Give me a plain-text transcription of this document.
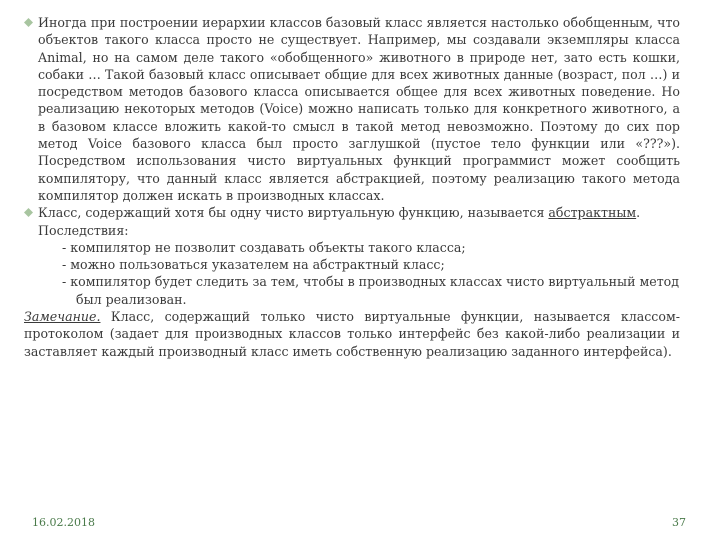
Иногда при построении иерархии классов базовый класс является настолько обобщенным, что объектов такого класса просто не существует. Например, мы создавали экземпляры класса Animal, но на самом деле такого «обобщенного» животного в природе нет, зато есть кошки, собаки … Такой базовый класс описывает общие для всех животных данные (возраст, пол …) и посредством методов базового класса описывается общее для всех животных поведение. Но реализацию некоторых методов (Voice) можно написать только для конкретного животного, а в базовом классе вложить какой-то смысл в такой метод невозможно. Поэтому до сих пор метод Voice базового класса был просто заглушкой (пустое тело функции или «???»). Посредством использования чисто виртуальных функций программист может сообщить компилятору, что данный класс является абстракцией, поэтому реализацию такого метода компилятор должен искать в производных классах.

Класс, содержащий хотя бы одну чисто виртуальную функцию, называется абстрактным.

Последствия:

- компилятор не позволит создавать объекты такого класса;

- можно пользоваться указателем на абстрактный класс;

- компилятор будет следить за тем, чтобы в производных классах чисто виртуальный метод был реализован.

Замечание. Класс, содержащий только чисто виртуальные функции, называется классом-протоколом (задает для производных классов только интерфейс без какой-либо реализации и заставляет каждый производный класс иметь собственную реализацию заданного интерфейса).

16.02.2018	37
